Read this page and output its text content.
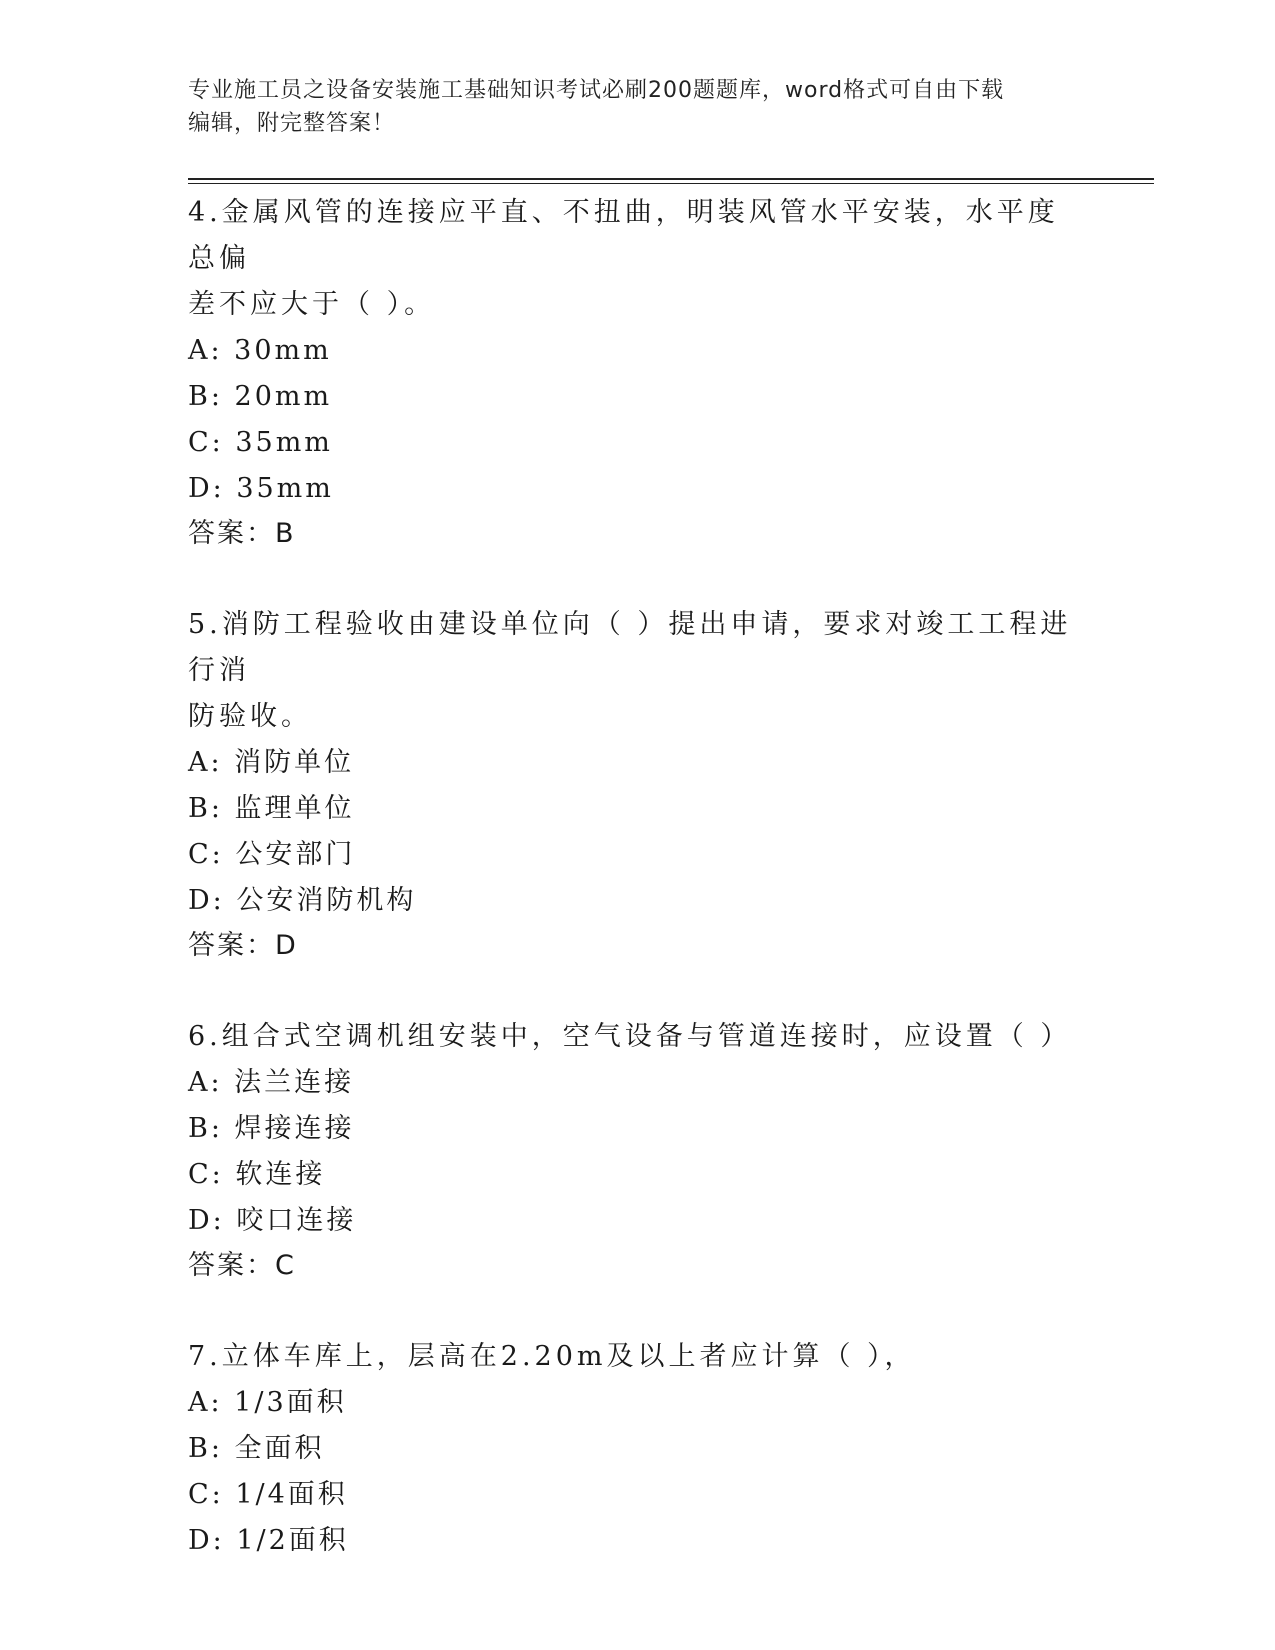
专业施工员之设备安装施工基础知识考试必刷200题题库，word格式可自由下载
编辑，附完整答案！

4.金属风管的连接应平直、不扭曲，明装风管水平安装，水平度总偏
差不应大于（ ）。

A: 30mm

B: 20mm

C: 35mm

D: 35mm

答案：B

5.消防工程验收由建设单位向（ ）提出申请，要求对竣工工程进行消
防验收。

A: 消防单位

B: 监理单位

C: 公安部门

D: 公安消防机构

答案：D

6.组合式空调机组安装中，空气设备与管道连接时，应设置（ ）

A: 法兰连接

B: 焊接连接

C: 软连接

D: 咬口连接

答案：C

7.立体车库上，层高在2.20m及以上者应计算（ ），

A: 1/3面积

B: 全面积

C: 1/4面积

D: 1/2面积
